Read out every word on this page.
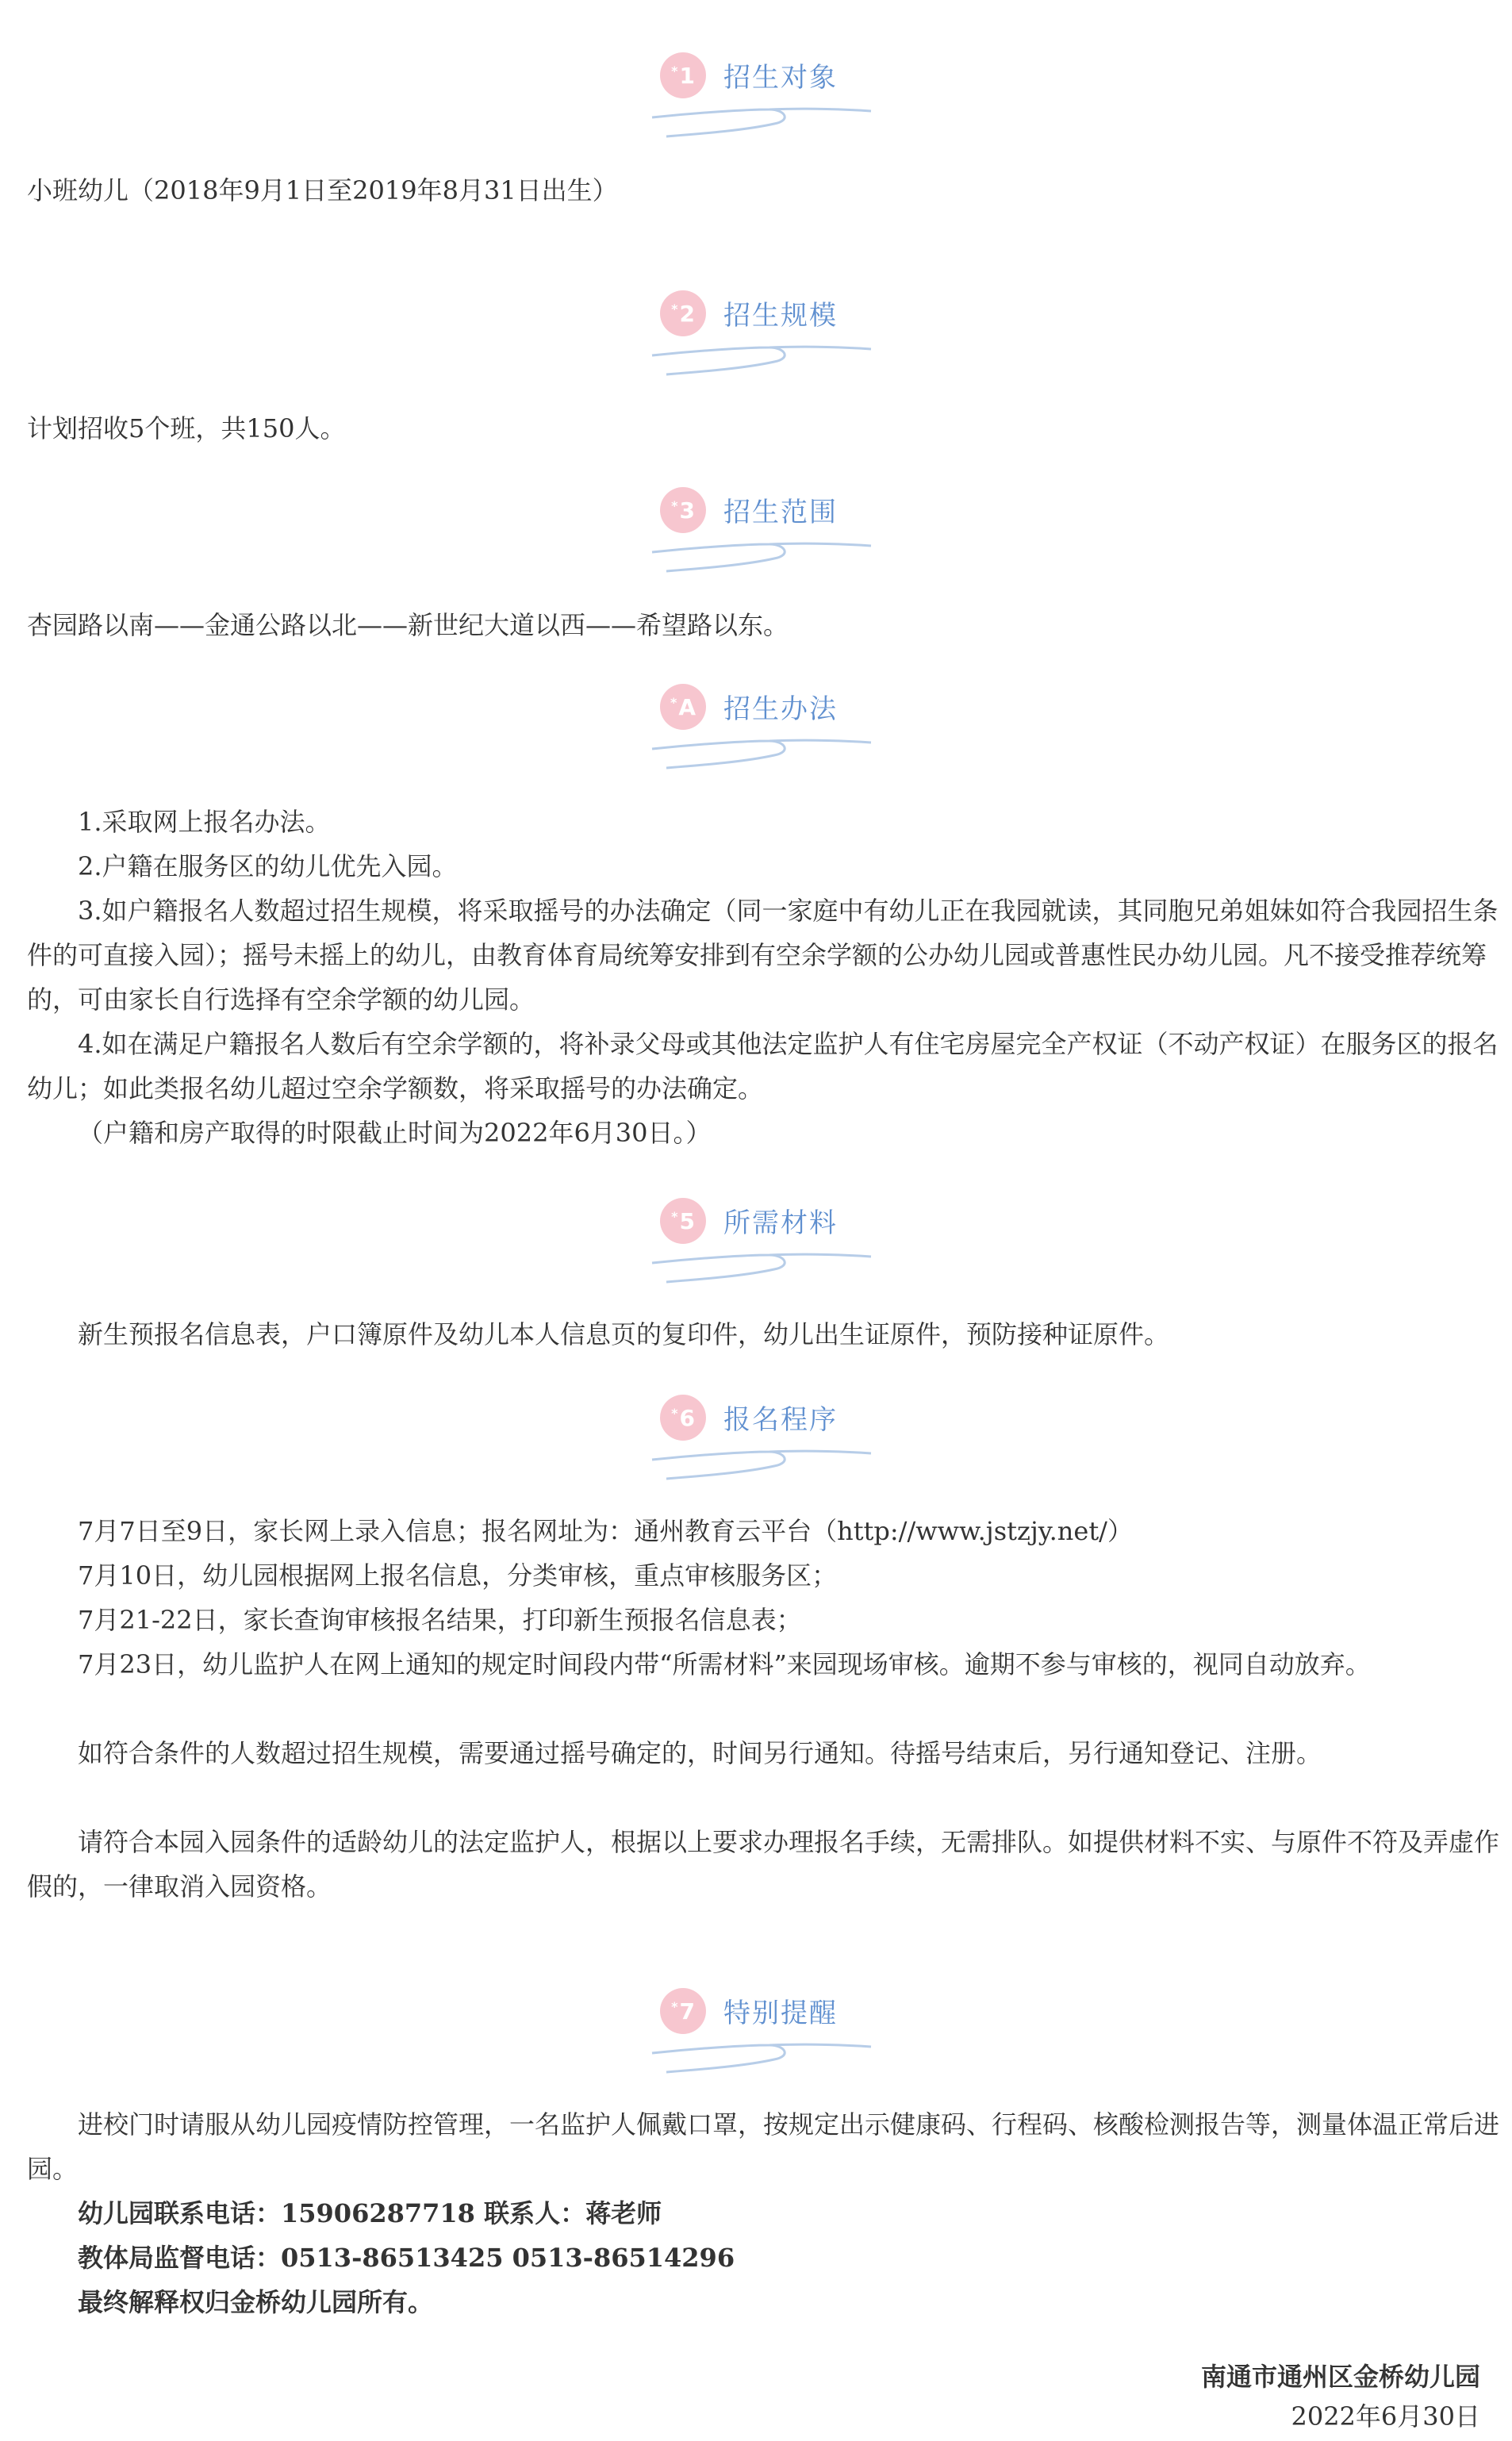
* 1 招生对象
小班幼儿（2018年9月1日至2019年8月31日出生）
* 2 招生规模
计划招收5个班，共150人。
* 3 招生范围
杏园路以南——金通公路以北——新世纪大道以西——希望路以东。
* A 招生办法
1.采取网上报名办法。
2.户籍在服务区的幼儿优先入园。
3.如户籍报名人数超过招生规模，将采取摇号的办法确定（同一家庭中有幼儿正在我园就读，其同胞兄弟姐妹如符合我园招生条件的可直接入园）；摇号未摇上的幼儿，由教育体育局统筹安排到有空余学额的公办幼儿园或普惠性民办幼儿园。凡不接受推荐统筹的，可由家长自行选择有空余学额的幼儿园。
4.如在满足户籍报名人数后有空余学额的，将补录父母或其他法定监护人有住宅房屋完全产权证（不动产权证）在服务区的报名幼儿；如此类报名幼儿超过空余学额数，将采取摇号的办法确定。
（户籍和房产取得的时限截止时间为2022年6月30日。）
* 5 所需材料
新生预报名信息表，户口簿原件及幼儿本人信息页的复印件，幼儿出生证原件，预防接种证原件。
* 6 报名程序
7月7日至9日，家长网上录入信息；报名网址为：通州教育云平台（http://www.jstzjy.net/）
7月10日，幼儿园根据网上报名信息，分类审核，重点审核服务区；
7月21-22日，家长查询审核报名结果，打印新生预报名信息表；
7月23日，幼儿监护人在网上通知的规定时间段内带“所需材料”来园现场审核。逾期不参与审核的，视同自动放弃。
如符合条件的人数超过招生规模，需要通过摇号确定的，时间另行通知。待摇号结束后，另行通知登记、注册。
请符合本园入园条件的适龄幼儿的法定监护人，根据以上要求办理报名手续，无需排队。如提供材料不实、与原件不符及弄虚作假的，一律取消入园资格。
* 7 特别提醒
进校门时请服从幼儿园疫情防控管理，一名监护人佩戴口罩，按规定出示健康码、行程码、核酸检测报告等，测量体温正常后进园。
幼儿园联系电话：15906287718 联系人：蒋老师
教体局监督电话：0513-86513425 0513-86514296
最终解释权归金桥幼儿园所有。
南通市通州区金桥幼儿园
2022年6月30日
